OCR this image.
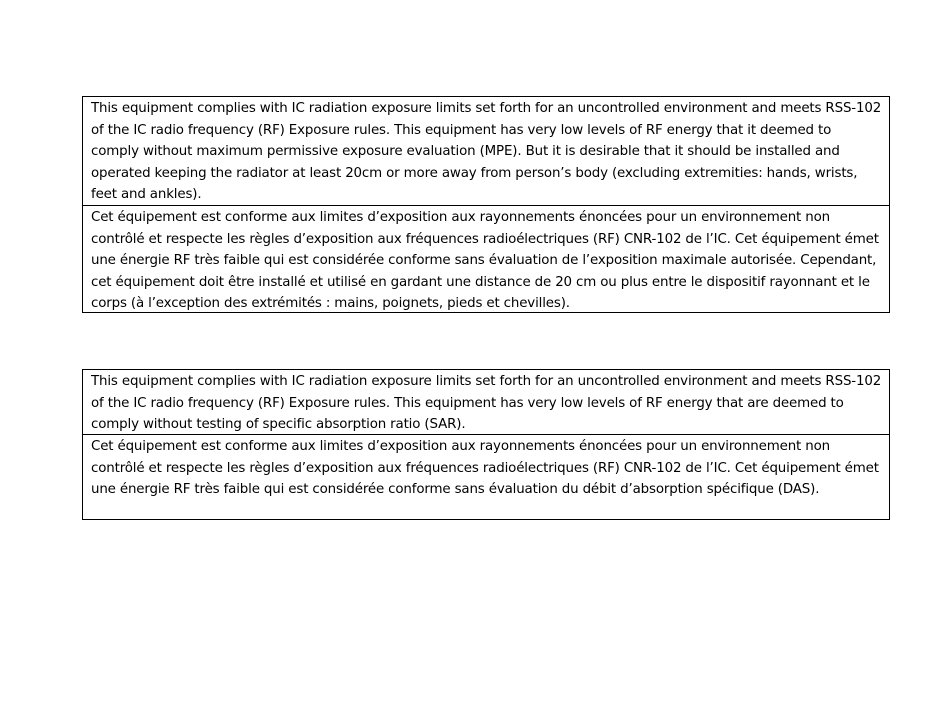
This equipment complies with IC radiation exposure limits set forth for an uncontrolled environment and meets RSS-102 of the IC radio frequency (RF) Exposure rules. This equipment has very low levels of RF energy that it deemed to comply without maximum permissive exposure evaluation (MPE). But it is desirable that it should be installed and operated keeping the radiator at least 20cm or more away from person’s body (excluding extremities: hands, wrists, feet and ankles).
Cet équipement est conforme aux limites d’exposition aux rayonnements énoncées pour un environnement non contrôlé et respecte les règles d’exposition aux fréquences radioélectriques (RF) CNR-102 de l’IC. Cet équipement émet une énergie RF très faible qui est considérée conforme sans évaluation de l’exposition maximale autorisée. Cependant, cet équipement doit être installé et utilisé en gardant une distance de 20 cm ou plus entre le dispositif rayonnant et le corps (à l’exception des extrémités : mains, poignets, pieds et chevilles).
This equipment complies with IC radiation exposure limits set forth for an uncontrolled environment and meets RSS-102 of the IC radio frequency (RF) Exposure rules. This equipment has very low levels of RF energy that are deemed to comply without testing of specific absorption ratio (SAR).
Cet équipement est conforme aux limites d’exposition aux rayonnements énoncées pour un environnement non contrôlé et respecte les règles d’exposition aux fréquences radioélectriques (RF) CNR-102 de l’IC. Cet équipement émet une énergie RF très faible qui est considérée conforme sans évaluation du débit d’absorption spécifique (DAS).
